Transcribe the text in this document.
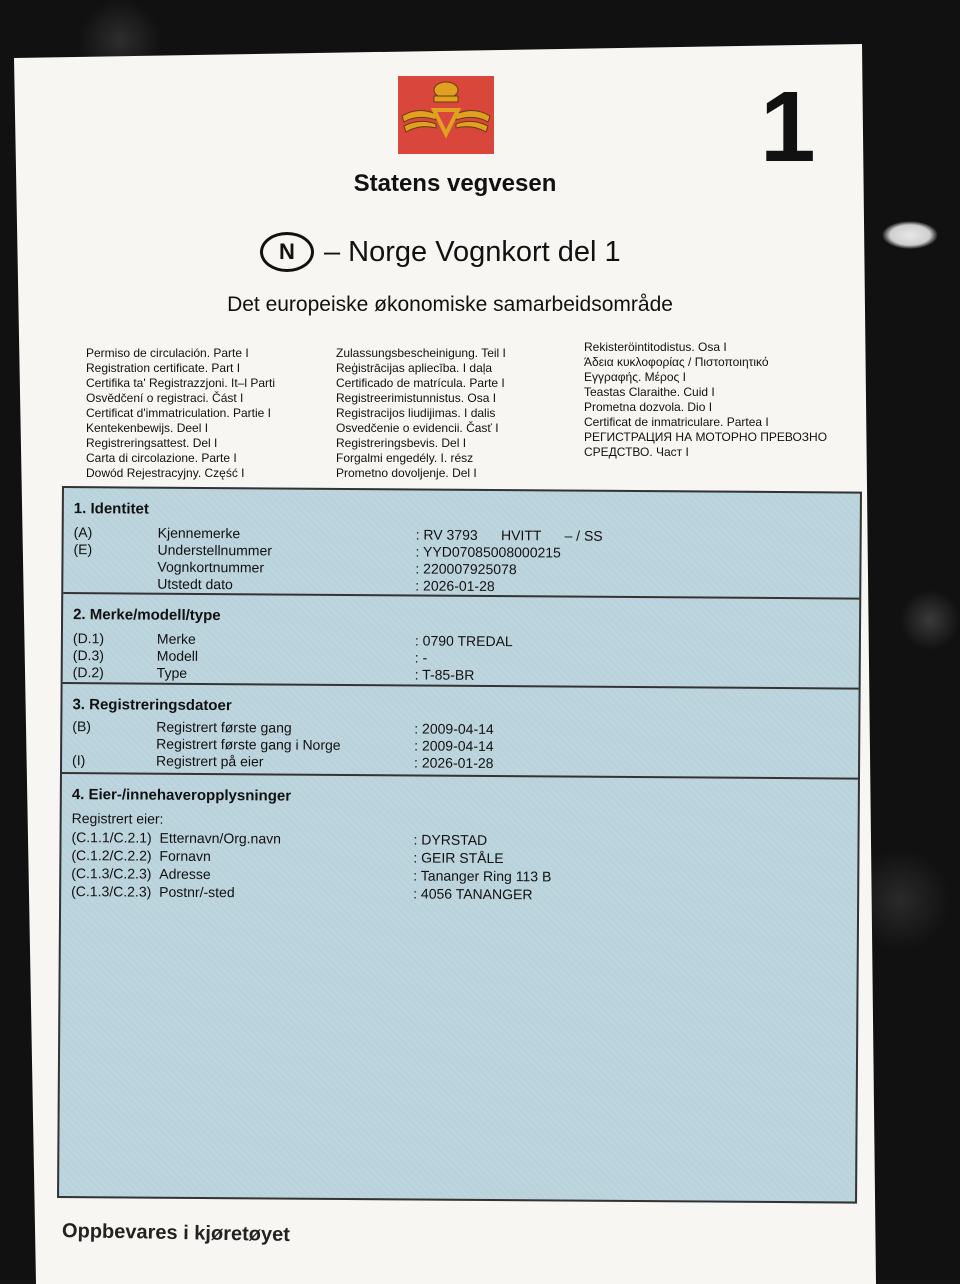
1
Statens vegvesen
N	– Norge Vognkort del 1
Det europeiske økonomiske samarbeidsområde
Permiso de circulación. Parte I
Registration certificate. Part I
Certifika ta' Registrazzjoni. It–l Parti
Osvědčení o registraci. Část I
Certificat d'immatriculation. Partie I
Kentekenbewijs. Deel I
Registreringsattest. Del I
Carta di circolazione. Parte I
Dowód Rejestracyjny. Część I
Zulassungsbescheinigung. Teil I
Reģistrācijas apliecība. I daļa
Certificado de matrícula. Parte I
Registreerimistunnistus. Osa I
Registracijos liudijimas. I dalis
Osvedčenie o evidencii. Časť I
Registreringsbevis. Del I
Forgalmi engedély. I. rész
Prometno dovoljenje. Del I
Rekisteröintitodistus. Osa I
Άδεια κυκλοφορίας / Πιστοποιητικό
Εγγραφής. Μέρος I
Teastas Claraithe. Cuid I
Prometna dozvola. Dio I
Certificat de inmatriculare. Partea I
РЕГИСТРАЦИЯ НА МОТОРНО ПРЕВОЗНО
СРЕДСТВО. Част I
1. Identitet
(A)	Kjennemerke	: RV 3793      HVITT      – / SS
(E)	Understellnummer	: YYD07085008000215
Vognkortnummer	: 220007925078
Utstedt dato	: 2026-01-28
2. Merke/modell/type
(D.1)	Merke	: 0790 TREDAL
(D.3)	Modell	: -
(D.2)	Type	: T-85-BR
3. Registreringsdatoer
(B)	Registrert første gang	: 2009-04-14
Registrert første gang i Norge	: 2009-04-14
(I)	Registrert på eier	: 2026-01-28
4. Eier-/innehaveropplysninger
Registrert eier:
(C.1.1/C.2.1) Etternavn/Org.navn	: DYRSTAD
(C.1.2/C.2.2) Fornavn	: GEIR STÅLE
(C.1.3/C.2.3) Adresse	: Tananger Ring 113 B
(C.1.3/C.2.3) Postnr/-sted	: 4056 TANANGER
Oppbevares i kjøretøyet
